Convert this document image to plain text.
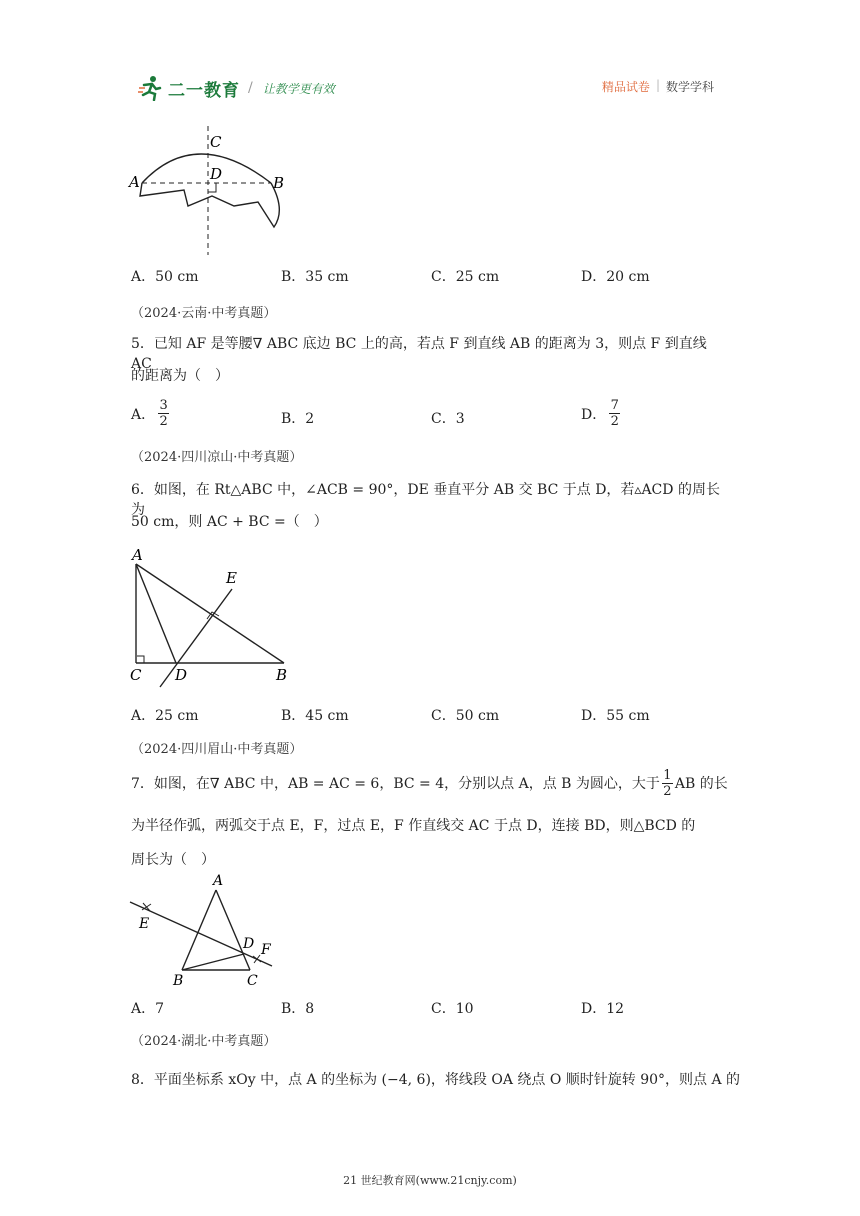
二一教育 / 让教学更有效	精品试卷 | 数学学科
C
D
A	B
A．50 cm	B．35 cm	C．25 cm	D．20 cm
（2024·云南·中考真题）
5．已知 AF 是等腰∇ ABC 底边 BC 上的高，若点 F 到直线 AB 的距离为 3，则点 F 到直线 AC
的距离为（　）
A． $\frac{3}{2}$	B．2	C．3	D． $\frac{7}{2}$
（2024·四川凉山·中考真题）
6．如图，在 Rt△ABC 中，∠ACB = 90°，DE 垂直平分 AB 交 BC 于点 D，若▵ACD 的周长为
50 cm，则 AC + BC =（　）
A
E
C D	B
A．25 cm	B．45 cm	C．50 cm	D．55 cm
（2024·四川眉山·中考真题）
7．如图，在∇ ABC 中，AB = AC = 6，BC = 4，分别以点 A，点 B 为圆心，大于 $\frac{1}{2}$ AB 的长
为半径作弧，两弧交于点 E，F，过点 E，F 作直线交 AC 于点 D，连接 BD，则△BCD 的
周长为（　）
A
E
D F
B	C
A．7	B．8	C．10	D．12
（2024·湖北·中考真题）
8．平面坐标系 xOy 中，点 A 的坐标为 (−4, 6)，将线段 OA 绕点 O 顺时针旋转 90°，则点 A 的
21 世纪教育网(www.21cnjy.com)
